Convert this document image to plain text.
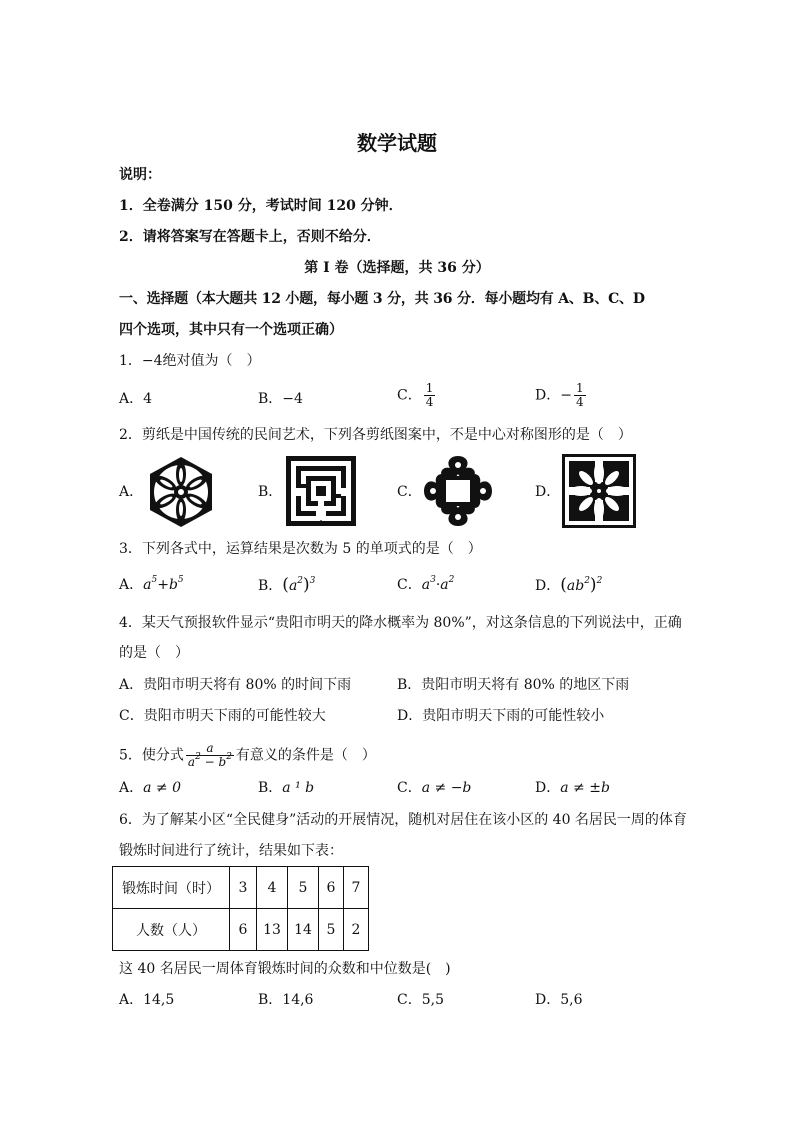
数学试题
说明：
1．全卷满分 150 分，考试时间 120 分钟．
2．请将答案写在答题卡上，否则不给分．
第 I 卷（选择题，共 36 分）
一、选择题（本大题共 12 小题，每小题 3 分，共 36 分．每小题均有 A、B、C、D
四个选项，其中只有一个选项正确）
1．−4绝对值为（　）
A．4	B．−4	C． $\frac{1}{4}$	D．− $\frac{1}{4}$
2．剪纸是中国传统的民间艺术，下列各剪纸图案中，不是中心对称图形的是（　）
A．	B．	C．	D．
3．下列各式中，运算结果是次数为 5 的单项式的是（　）
A．$a^5+b^5$	B．$(a^2)^3$	C．$a^3\cdot a^2$	D．$(ab^2)^2$
4．某天气预报软件显示“贵阳市明天的降水概率为 80%”，对这条信息的下列说法中，正确
的是（　）
A．贵阳市明天将有 80% 的时间下雨	B．贵阳市明天将有 80% 的地区下雨
C．贵阳市明天下雨的可能性较大	D．贵阳市明天下雨的可能性较小
5．使分式 $\frac{a}{a^2 - b^2}$ 有意义的条件是（　）
A．a ≠ 0	B．a ¹ b	C．a ≠ −b	D．a ≠ ±b
6．为了解某小区“全民健身”活动的开展情况，随机对居住在该小区的 40 名居民一周的体育
锻炼时间进行了统计，结果如下表：
锻炼时间（时）	3	4	5	6	7
人数（人）	6	13	14	5	2
这 40 名居民一周体育锻炼时间的众数和中位数是(　)
A．14,5	B．14,6	C．5,5	D．5,6
